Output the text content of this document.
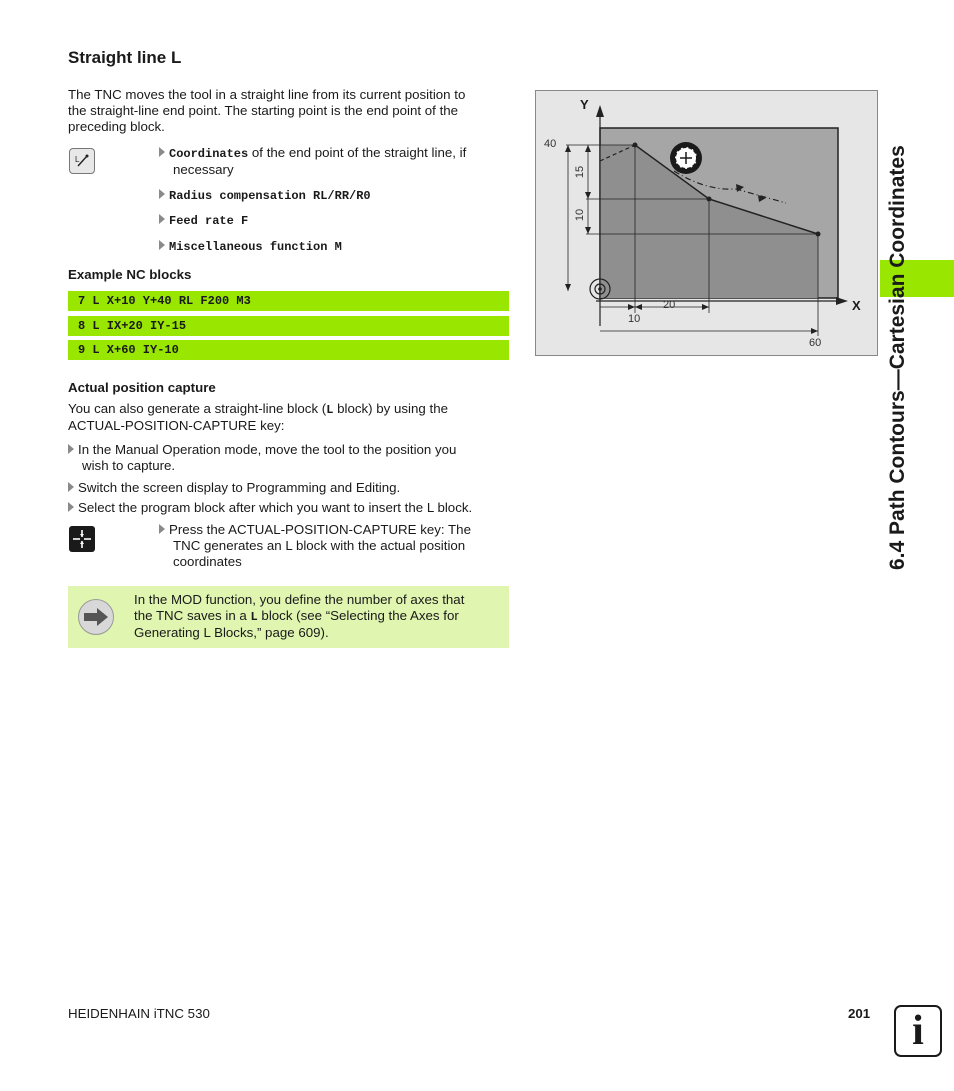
Straight line L
The TNC moves the tool in a straight line from its current position to
the straight-line end point. The starting point is the end point of the
preceding block.
L	Coordinates of the end point of the straight line, if
necessary
Radius compensation RL/RR/R0
Feed rate F
Miscellaneous function M
Example NC blocks
7 L X+10 Y+40 RL F200 M3
8 L IX+20 IY-15
9 L X+60 IY-10
Actual position capture
You can also generate a straight-line block (L block) by using the
ACTUAL-POSITION-CAPTURE key:
In the Manual Operation mode, move the tool to the position you
wish to capture.
Switch the screen display to Programming and Editing.
Select the program block after which you want to insert the L block.
Press the ACTUAL-POSITION-CAPTURE key: The
TNC generates an L block with the actual position
coordinates
In the MOD function, you define the number of axes that
the TNC saves in a L block (see “Selecting the Axes for
Generating L Blocks,” page 609).
Y
X
40
15
10
20
10
60	6.4 Path Contours—Cartesian Coordinates
HEIDENHAIN iTNC 530	201 i
